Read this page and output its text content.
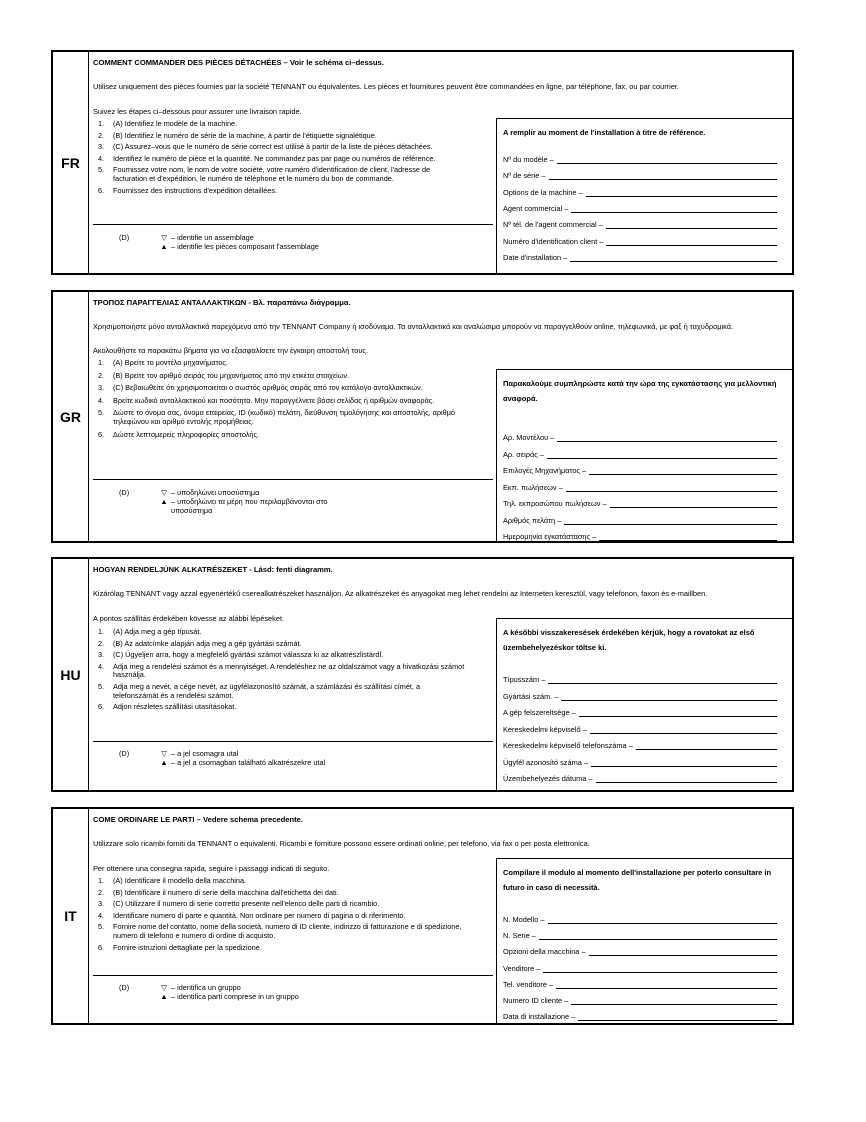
FR
COMMENT COMMANDER DES PIÈCES DÉTACHÉES – Voir le schéma ci–dessus.
Utilisez uniquement des pièces fournies par la société TENNANT ou équivalentes. Les pièces et fournitures peuvent être commandées en ligne, par téléphone, fax, ou par courrier.
Suivez les étapes ci–dessous pour assurer une livraison rapide.
1. (A) Identifiez le modèle de la machine.
2. (B) Identifiez le numéro de série de la machine, à partir de l'étiquette signalétique.
3. (C) Assurez–vous que le numéro de série correct est utilisé à partir de la liste de pièces détachées.
4. Identifiez le numéro de pièce et la quantité. Ne commandez pas par page ou numéros de référence.
5. Fournissez votre nom, le nom de votre société, votre numéro d'identification de client, l'adresse de facturation et d'expédition, le numéro de téléphone et le numéro du bon de commande.
6. Fournissez des instructions d'expédition détaillées.
(D)	▽ – identifie un assemblage
▲ – identifie les pièces composant l'assemblage
A remplir au moment de l'installation à titre de référence.
Nº du modèle –
Nº de série –
Options de la machine –
Agent commercial –
Nº tél. de l'agent commercial –
Numéro d'identification client –
Date d'installation –
GR
ΤΡΟΠΟΣ ΠΑΡΑΓΓΕΛΙΑΣ ΑΝΤΑΛΛΑΚΤΙΚΩΝ - Βλ. παραπάνω διάγραμμα.
Χρησιμοποιήστε μόνο ανταλλακτικά παρεχόμενα από την TENNANT Company ή ισοδύναμα. Τα ανταλλακτικά και αναλώσιμα μπορούν να παραγγελθούν online, τηλεφωνικά, με φαξ ή ταχυδρομικά.
Ακολουθήστε τα παρακάτω βήματα για να εξασφαλίσετε την έγκαιρη αποστολή τους.
1. (A) Βρείτε το μοντέλο μηχανήματος.
2. (B) Βρείτε τον αριθμό σειράς του μηχανήματος από την ετικέτα στοιχείων.
3. (C) Βεβαιωθείτε ότι χρησιμοποιείται ο σωστός αριθμός σειράς από τον κατάλογο ανταλλακτικών.
4. Βρείτε κωδικό ανταλλακτικού και ποσότητα. Μην παραγγέλνετε βάσει σελίδας ή αριθμών αναφοράς.
5. Δώστε το όνομα σας, όνομα εταιρείας, ID (κωδικό) πελάτη, διεύθυνση τιμολόγησης και αποστολής, αριθμό τηλεφώνου και αριθμό εντολής προμήθειας.
6. Δώστε λεπτομερείς πληροφορίες αποστολής.
(D)	▽ – υποδηλώνει υποσύστημα
▲ – υποδηλώνει τα μέρη που περιλαμβάνονται στο
υποσύστημα
Παρακαλούμε συμπληρώστε κατά την ώρα της εγκατάστασης για μελλοντική αναφορά.
Αρ. Μοντέλου –
Αρ. σειράς –
Επιλογές Μηχανήματος –
Εκπ. πωλήσεων –
Τηλ. εκπροσώπου πωλήσεων –
Αριθμός πελάτη –
Ημερομηνία εγκατάστασης –
HU
HOGYAN RENDELJÜNK ALKATRÉSZEKET - Lásd: fenti diagramm.
Kizárólag TENNANT vagy azzal egyenértékű cserealkatrészeket használjon. Az alkatrészeket és anyagokat meg lehet rendelni az Interneten keresztül, vagy telefonon, faxon és e-maillben.
A pontos szállítás érdekében kövesse az alábbi lépéseket.
1. (A) Adja meg a gép típusát.
2. (B) Az adatcímke alapján adja meg a gép gyártási számát.
3. (C) Ügyeljen arra, hogy a megfelelő gyártási számot válassza ki az alkatrészlistárdl.
4. Adja meg a rendelési számot és a mennyiséget. A rendeléshez ne az oldalszámot vagy a hivatkozási számot használja.
5. Adja meg a nevét, a cége nevét, az ügyfélazonosító számát, a számlázási és szállítási címét, a telefonszámát és a rendelési számot.
6. Adjon részletes szállítási utasításokat.
(D)	▽ – a jel csomagra utal
▲ – a jel a csomagban található alkatrészekre utal
A későbbi visszakeresések érdekében kérjük, hogy a rovatokat az első üzembehelyezéskor töltse ki.
Típusszám –
Gyártási szám. –
A gép felszereltsége –
Kereskedelmi képviselő –
Kereskedelmi képviselő telefonszáma –
Ügyfél azonosító száma –
Üzembehelyezés dátuma –
IT
COME ORDINARE LE PARTI – Vedere schema precedente.
Utilizzare solo ricambi forniti da TENNANT o equivalenti. Ricambi e forniture possono essere ordinati online, per telefono, via fax o per posta elettronica.
Per ottenere una consegna rapida, seguire i passaggi indicati di seguito.
1. (A) Identificare il modello della macchina.
2. (B) Identificare il numero di serie della macchina dall'etichetta dei dati.
3. (C) Utilizzare il numero di serie corretto presente nell'elenco delle parti di ricambio.
4. Identificare numero di parte e quantità. Non ordinare per numero di pagina o di riferimento.
5. Fornire nome del contatto, nome della società, numero di ID cliente, indirizzo di fatturazione e di spedizione, numero di telefono e numero di ordine di acquisto.
6. Fornire istruzioni dettagliate per la spedizione.
(D)	▽ – identifica un gruppo
▲ – identifica parti comprese in un gruppo
Compilare il modulo al momento dell'installazione per poterlo consultare in futuro in caso di necessità.
N. Modello –
N. Serie –
Opzioni della macchina –
Venditore –
Tel. venditore –
Numero ID cliente –
Data di installazione –
